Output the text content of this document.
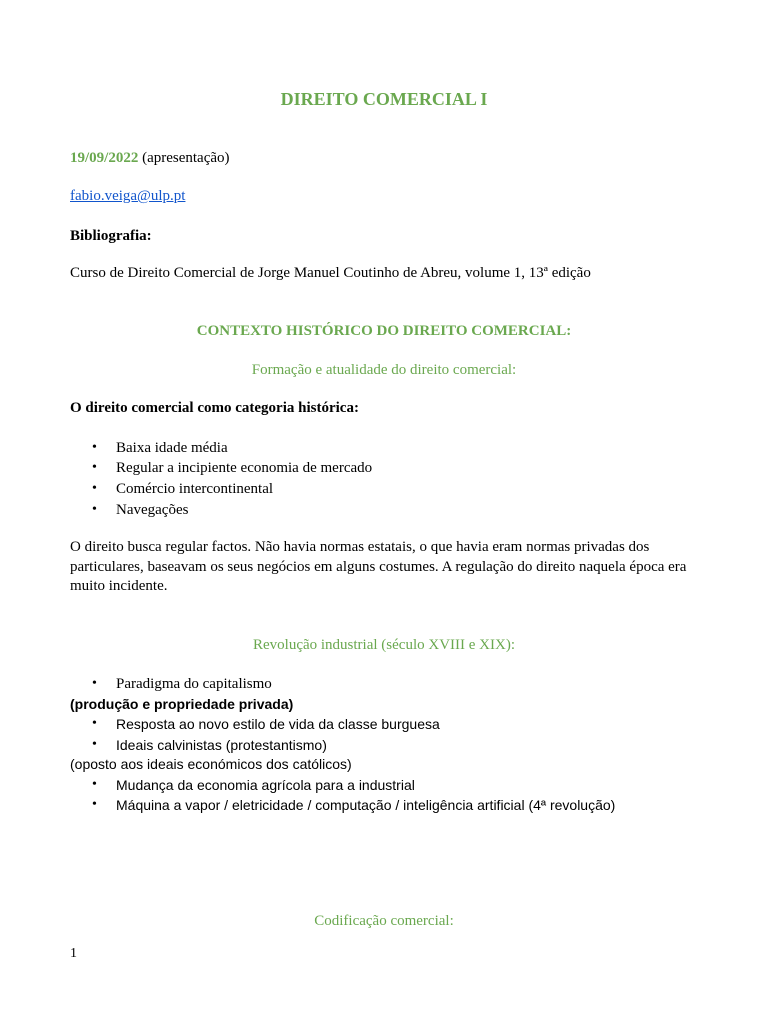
DIREITO COMERCIAL I
19/09/2022 (apresentação)
fabio.veiga@ulp.pt
Bibliografia:
Curso de Direito Comercial de Jorge Manuel Coutinho de Abreu, volume 1, 13ª edição
CONTEXTO HISTÓRICO DO DIREITO COMERCIAL:
Formação e atualidade do direito comercial:
O direito comercial como categoria histórica:
• Baixa idade média
• Regular a incipiente economia de mercado
• Comércio intercontinental
• Navegações
O direito busca regular factos. Não havia normas estatais, o que havia eram normas privadas dos particulares, baseavam os seus negócios em alguns costumes. A regulação do direito naquela época era muito incidente.
Revolução industrial (século XVIII e XIX):
• Paradigma do capitalismo
(produção e propriedade privada)
• Resposta ao novo estilo de vida da classe burguesa
• Ideais calvinistas (protestantismo)
(oposto aos ideais económicos dos católicos)
• Mudança da economia agrícola para a industrial
• Máquina a vapor / eletricidade / computação / inteligência artificial (4ª revolução)
Codificação comercial:
1
